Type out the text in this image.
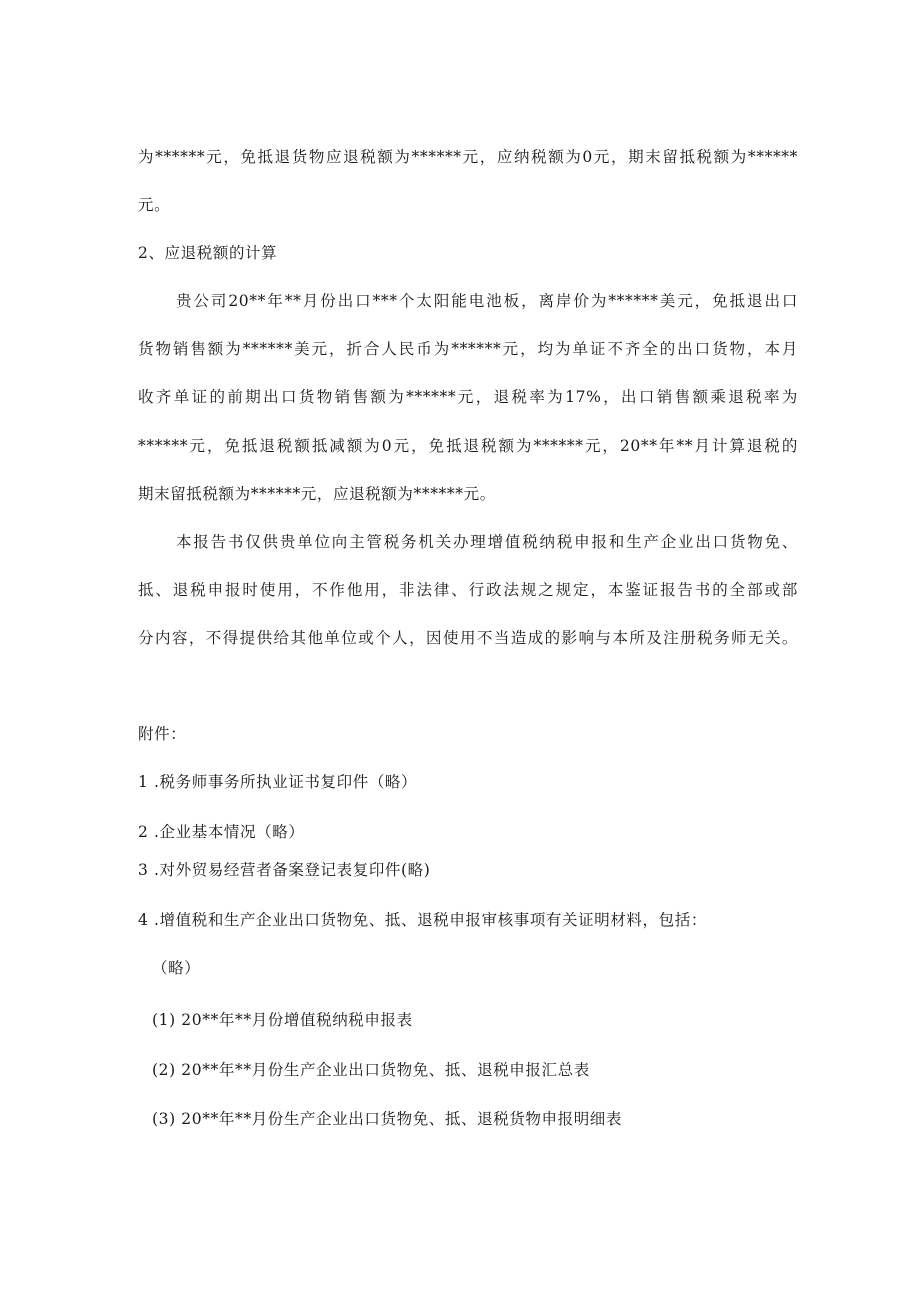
为******元，免抵退货物应退税额为******元，应纳税额为0元，期末留抵税额为******
元。
2、应退税额的计算
贵公司20**年**月份出口***个太阳能电池板，离岸价为******美元，免抵退出口
货物销售额为******美元，折合人民币为******元，均为单证不齐全的出口货物，本月
收齐单证的前期出口货物销售额为******元，退税率为17%，出口销售额乘退税率为
******元，免抵退税额抵减额为0元，免抵退税额为******元，20**年**月计算退税的
期末留抵税额为******元，应退税额为******元。
本报告书仅供贵单位向主管税务机关办理增值税纳税申报和生产企业出口货物免、
抵、退税申报时使用，不作他用，非法律、行政法规之规定，本鉴证报告书的全部或部
分内容，不得提供给其他单位或个人，因使用不当造成的影响与本所及注册税务师无关。
附件：
1 .税务师事务所执业证书复印件（略）
2 .企业基本情况（略）
3 .对外贸易经营者备案登记表复印件(略)
4 .增值税和生产企业出口货物免、抵、退税申报审核事项有关证明材料，包括：
（略）
(1) 20**年**月份增值税纳税申报表
(2) 20**年**月份生产企业出口货物免、抵、退税申报汇总表
(3) 20**年**月份生产企业出口货物免、抵、退税货物申报明细表
